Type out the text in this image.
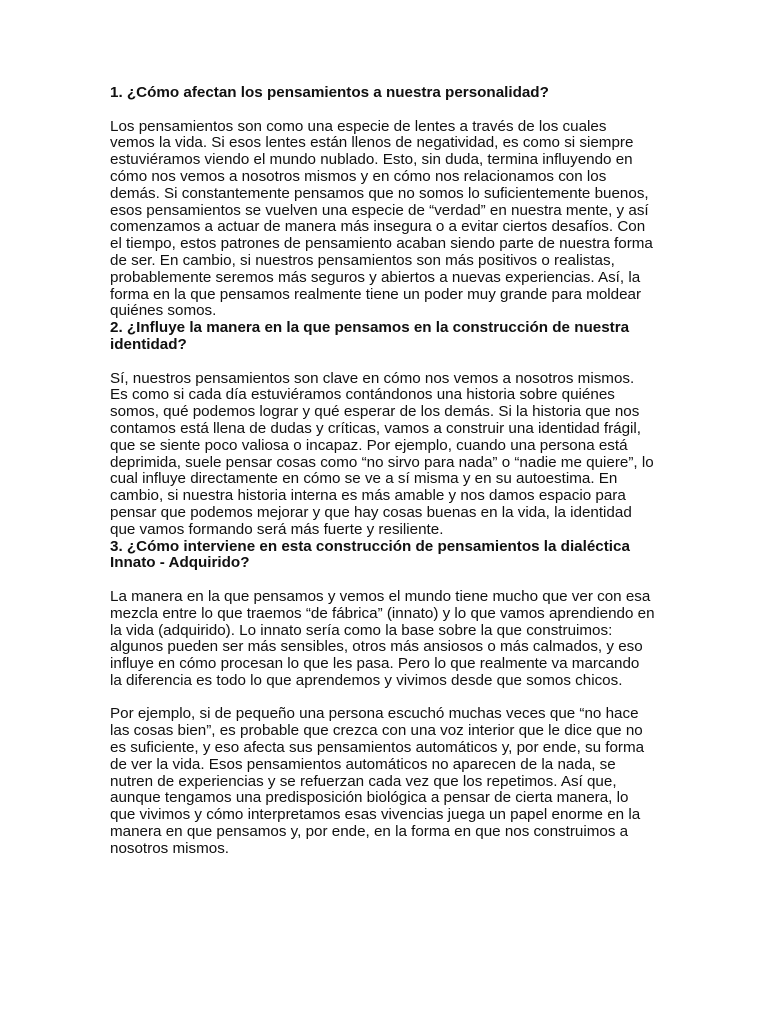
1. ¿Cómo afectan los pensamientos a nuestra personalidad?
Los pensamientos son como una especie de lentes a través de los cuales vemos la vida. Si esos lentes están llenos de negatividad, es como si siempre estuviéramos viendo el mundo nublado. Esto, sin duda, termina influyendo en cómo nos vemos a nosotros mismos y en cómo nos relacionamos con los demás. Si constantemente pensamos que no somos lo suficientemente buenos, esos pensamientos se vuelven una especie de “verdad” en nuestra mente, y así comenzamos a actuar de manera más insegura o a evitar ciertos desafíos. Con el tiempo, estos patrones de pensamiento acaban siendo parte de nuestra forma de ser. En cambio, si nuestros pensamientos son más positivos o realistas, probablemente seremos más seguros y abiertos a nuevas experiencias. Así, la forma en la que pensamos realmente tiene un poder muy grande para moldear quiénes somos.
2. ¿Influye la manera en la que pensamos en la construcción de nuestra identidad?
Sí, nuestros pensamientos son clave en cómo nos vemos a nosotros mismos. Es como si cada día estuviéramos contándonos una historia sobre quiénes somos, qué podemos lograr y qué esperar de los demás. Si la historia que nos contamos está llena de dudas y críticas, vamos a construir una identidad frágil, que se siente poco valiosa o incapaz. Por ejemplo, cuando una persona está deprimida, suele pensar cosas como “no sirvo para nada” o “nadie me quiere”, lo cual influye directamente en cómo se ve a sí misma y en su autoestima. En cambio, si nuestra historia interna es más amable y nos damos espacio para pensar que podemos mejorar y que hay cosas buenas en la vida, la identidad que vamos formando será más fuerte y resiliente.
3. ¿Cómo interviene en esta construcción de pensamientos la dialéctica Innato - Adquirido?
La manera en la que pensamos y vemos el mundo tiene mucho que ver con esa mezcla entre lo que traemos “de fábrica” (innato) y lo que vamos aprendiendo en la vida (adquirido). Lo innato sería como la base sobre la que construimos: algunos pueden ser más sensibles, otros más ansiosos o más calmados, y eso influye en cómo procesan lo que les pasa. Pero lo que realmente va marcando la diferencia es todo lo que aprendemos y vivimos desde que somos chicos.
Por ejemplo, si de pequeño una persona escuchó muchas veces que “no hace las cosas bien”, es probable que crezca con una voz interior que le dice que no es suficiente, y eso afecta sus pensamientos automáticos y, por ende, su forma de ver la vida. Esos pensamientos automáticos no aparecen de la nada, se nutren de experiencias y se refuerzan cada vez que los repetimos. Así que, aunque tengamos una predisposición biológica a pensar de cierta manera, lo que vivimos y cómo interpretamos esas vivencias juega un papel enorme en la manera en que pensamos y, por ende, en la forma en que nos construimos a nosotros mismos.
